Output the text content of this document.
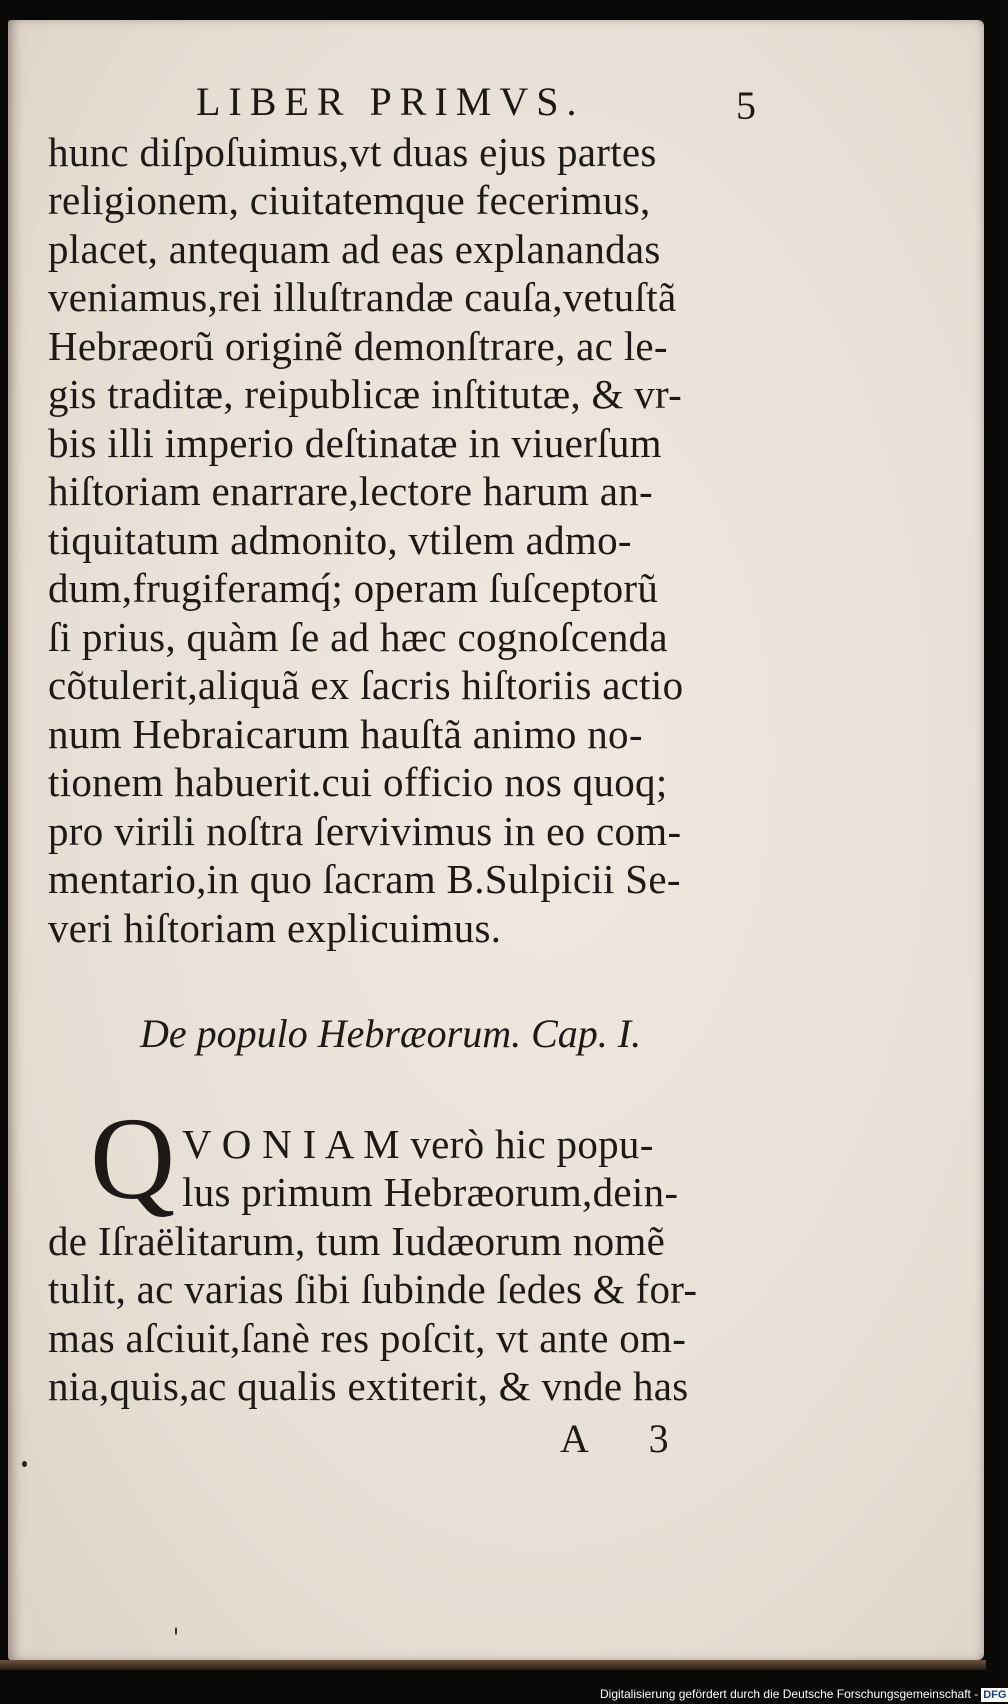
LIBER PRIMVS.	5
hunc diſpoſuimus,vt duas ejus partes
religionem, ciuitatemque fecerimus,
placet, antequam ad eas explanandas
veniamus,rei illuſtrandæ cauſa,vetuſtã
Hebræorũ originẽ demonſtrare, ac le-
gis traditæ, reipublicæ inſtitutæ, & vr-
bis illi imperio deſtinatæ in viuerſum
hiſtoriam enarrare,lectore harum an-
tiquitatum admonito, vtilem admo-
dum,frugiferamq́; operam ſuſceptorũ
ſi prius, quàm ſe ad hæc cognoſcenda
cõtulerit,aliquã ex ſacris hiſtoriis actio
num Hebraicarum hauſtã animo no-
tionem habuerit.cui officio nos quoq;
pro virili noſtra ſervivimus in eo com-
mentario,in quo ſacram B.Sulpicii Se-
veri hiſtoriam explicuimus.
De populo Hebræorum. Cap. I.
Q V O N I A M verò hic popu-
lus primum Hebræorum,dein-
de Iſraëlitarum, tum Iudæorum nomẽ
tulit, ac varias ſibi ſubinde ſedes & for-
mas aſciuit,ſanè res poſcit, vt ante om-
nia,quis,ac qualis extiterit, & vnde has
A 3
Digitalisierung gefördert durch die Deutsche Forschungsgemeinschaft - DFG
